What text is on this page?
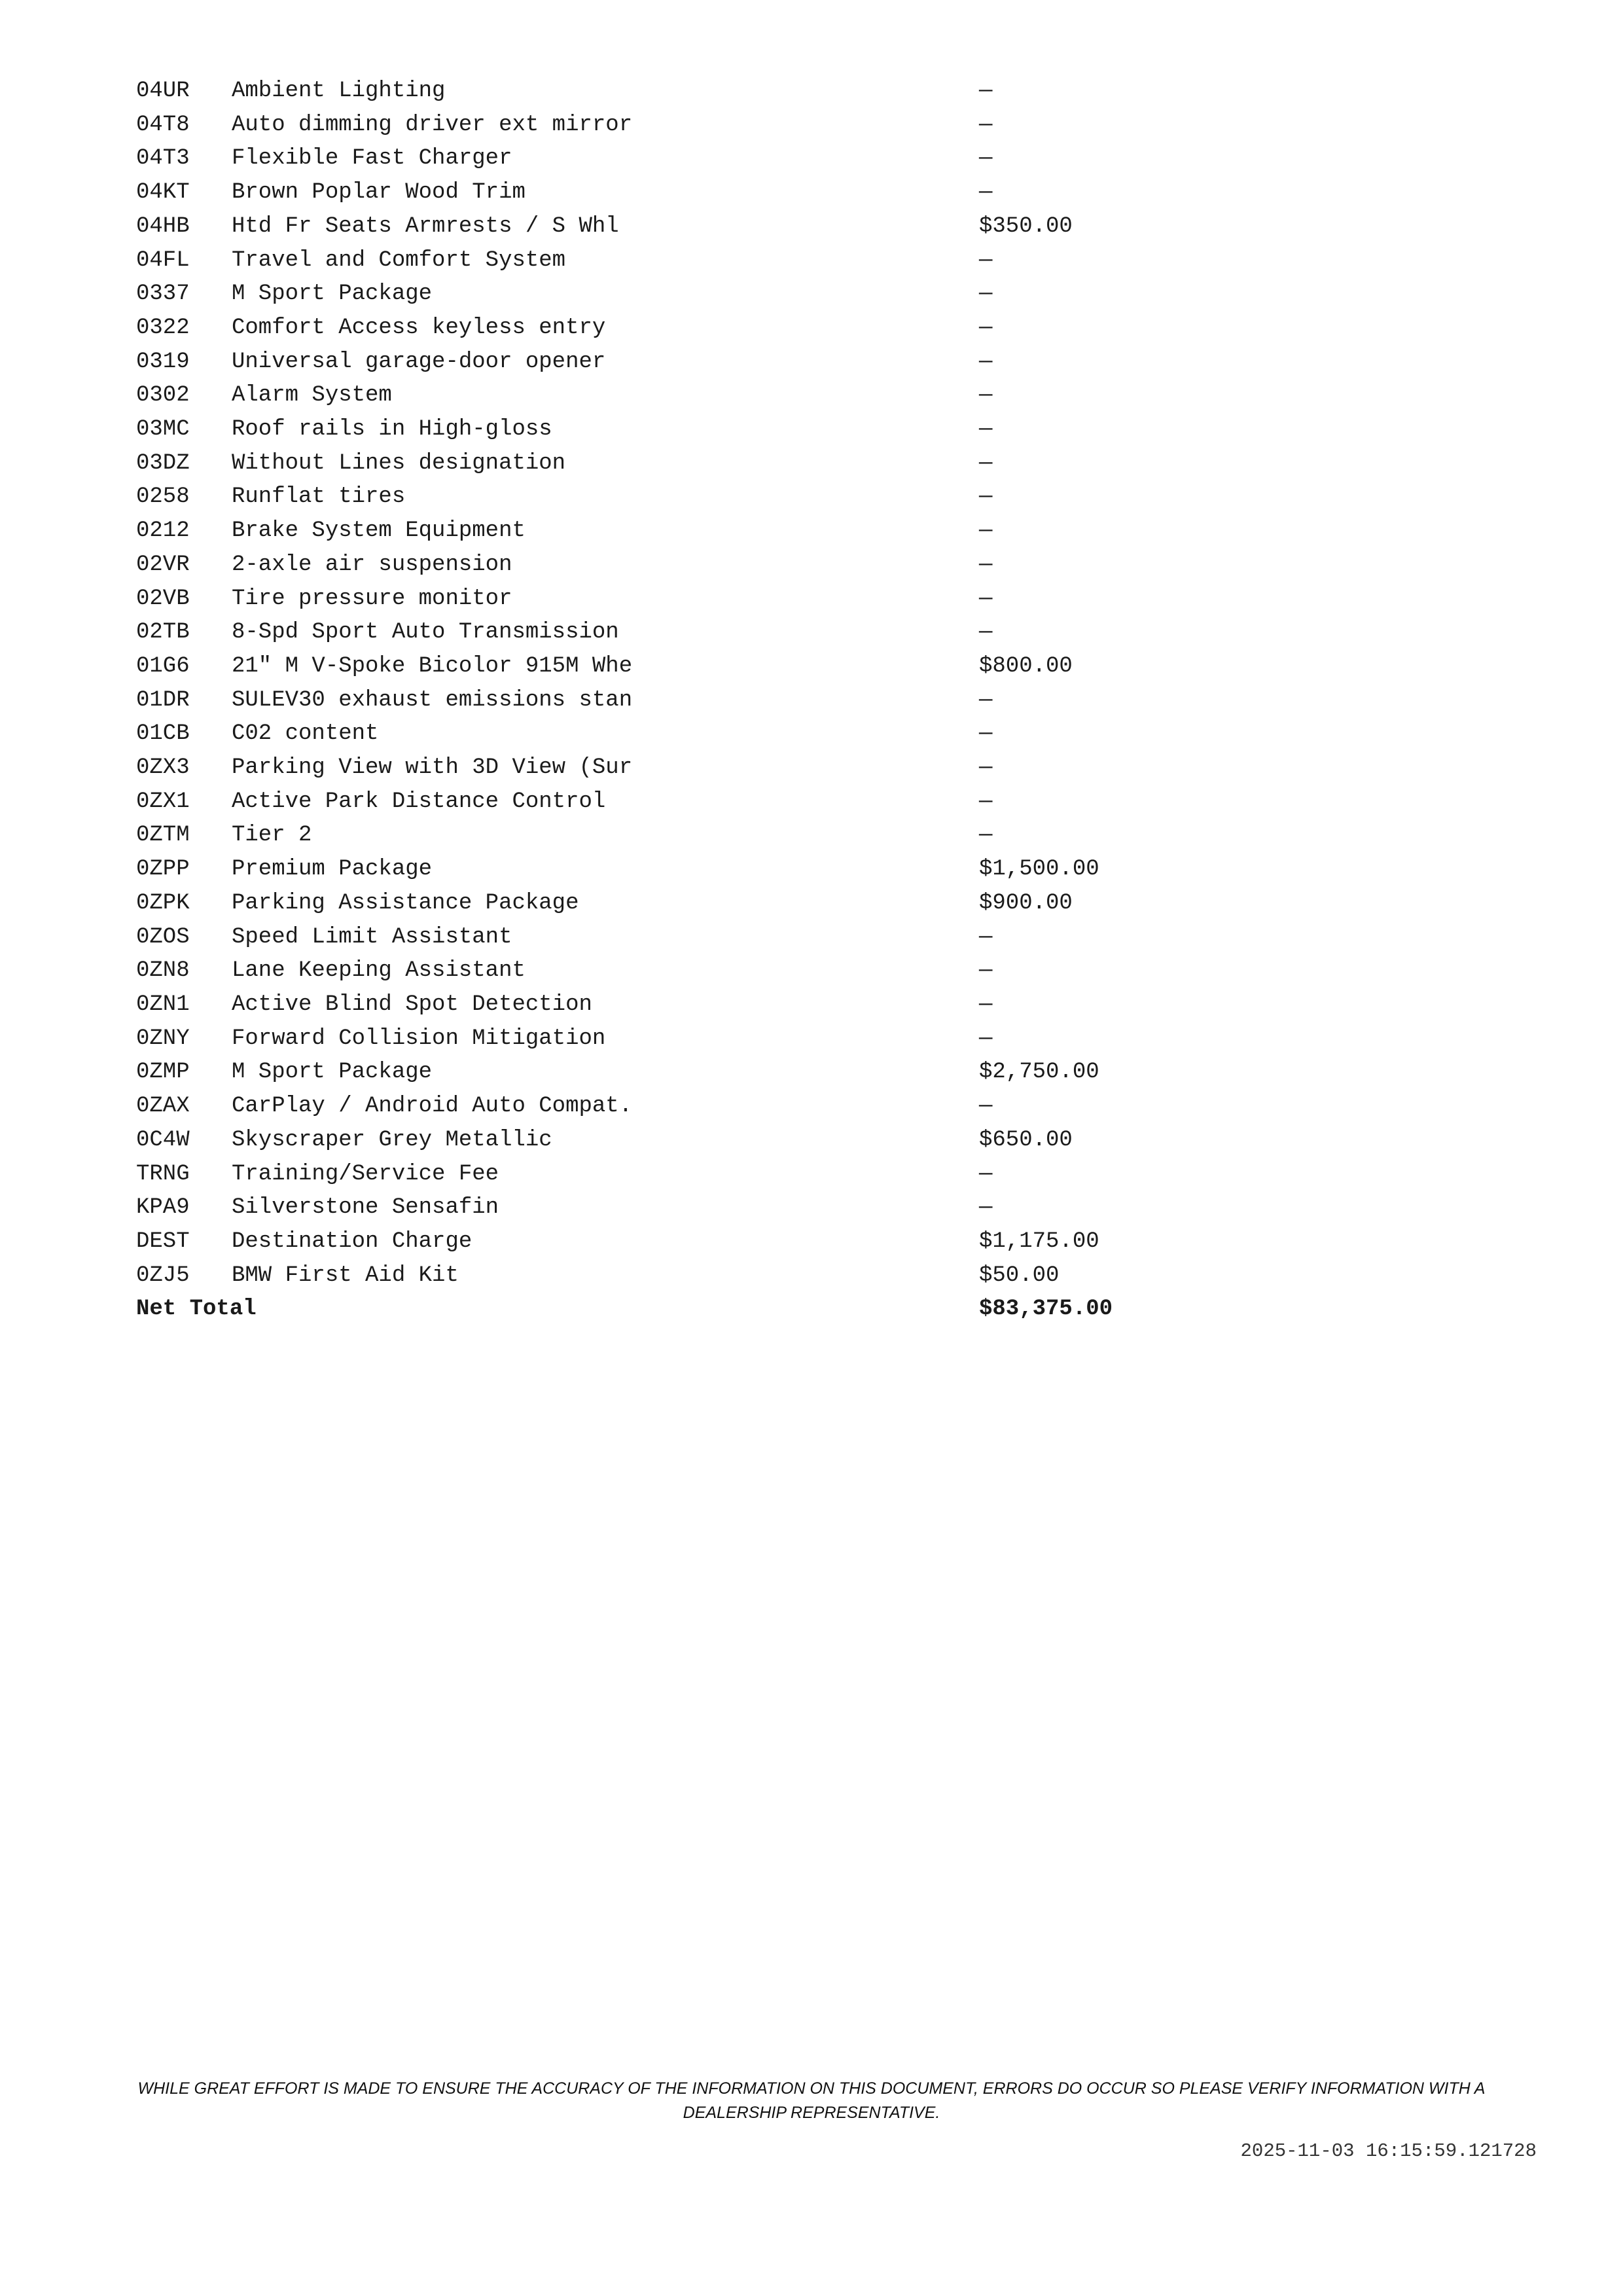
04UR	Ambient Lighting	—
04T8	Auto dimming driver ext mirror	—
04T3	Flexible Fast Charger	—
04KT	Brown Poplar Wood Trim	—
04HB	Htd Fr Seats Armrests / S Whl	$350.00
04FL	Travel and Comfort System	—
0337	M Sport Package	—
0322	Comfort Access keyless entry	—
0319	Universal garage-door opener	—
0302	Alarm System	—
03MC	Roof rails in High-gloss	—
03DZ	Without Lines designation	—
0258	Runflat tires	—
0212	Brake System Equipment	—
02VR	2-axle air suspension	—
02VB	Tire pressure monitor	—
02TB	8-Spd Sport Auto Transmission	—
01G6	21" M V-Spoke Bicolor 915M Whe	$800.00
01DR	SULEV30 exhaust emissions stan	—
01CB	C02 content	—
0ZX3	Parking View with 3D View (Sur	—
0ZX1	Active Park Distance Control	—
0ZTM	Tier 2	—
0ZPP	Premium Package	$1,500.00
0ZPK	Parking Assistance Package	$900.00
0ZOS	Speed Limit Assistant	—
0ZN8	Lane Keeping Assistant	—
0ZN1	Active Blind Spot Detection	—
0ZNY	Forward Collision Mitigation	—
0ZMP	M Sport Package	$2,750.00
0ZAX	CarPlay / Android Auto Compat.	—
0C4W	Skyscraper Grey Metallic	$650.00
TRNG	Training/Service Fee	—
KPA9	Silverstone Sensafin	—
DEST	Destination Charge	$1,175.00
0ZJ5	BMW First Aid Kit	$50.00
Net Total		$83,375.00
WHILE GREAT EFFORT IS MADE TO ENSURE THE ACCURACY OF THE INFORMATION ON THIS DOCUMENT, ERRORS DO OCCUR SO PLEASE VERIFY INFORMATION WITH A
DEALERSHIP REPRESENTATIVE.
2025-11-03 16:15:59.121728
